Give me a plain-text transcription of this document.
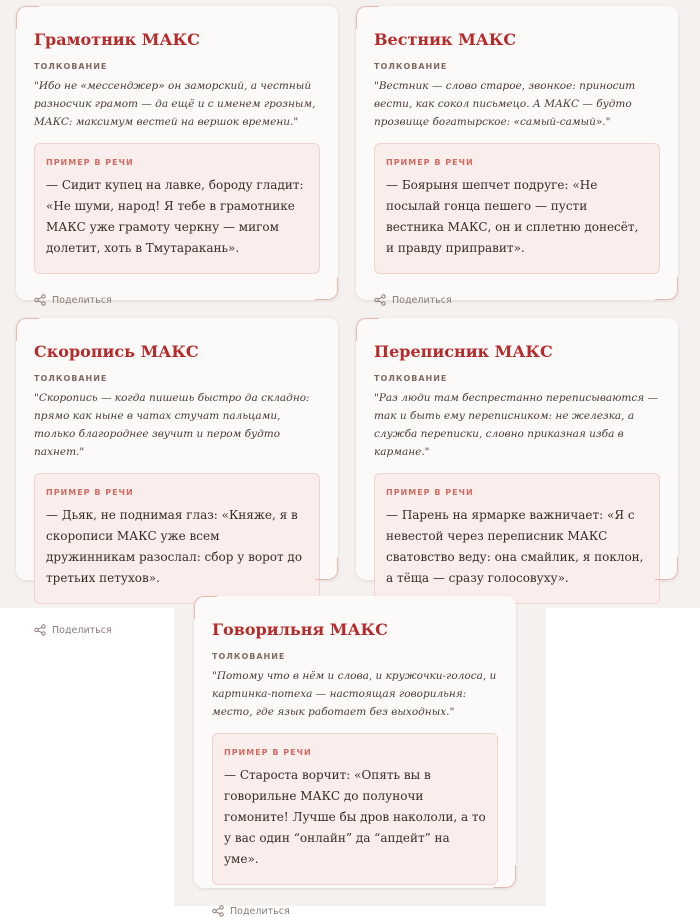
Грамотник МАКС
ТОЛКОВАНИЕ
"Ибо не «мессенджер» он заморский, а честный разносчик грамот — да ещё и с именем грозным, МАКС: максимум вестей на вершок времени."
ПРИМЕР В РЕЧИ
— Сидит купец на лавке, бороду гладит: «Не шуми, народ! Я тебе в грамотнике МАКС уже грамоту черкну — мигом долетит, хоть в Тмутаракань».
Поделиться
Вестник МАКС
ТОЛКОВАНИЕ
"Вестник — слово старое, звонкое: приносит вести, как сокол письмецо. А МАКС — будто прозвище богатырское: «самый-самый»."
ПРИМЕР В РЕЧИ
— Боярыня шепчет подруге: «Не посылай гонца пешего — пусти вестника МАКС, он и сплетню донесёт, и правду приправит».
Поделиться
Скоропись МАКС
ТОЛКОВАНИЕ
"Скоропись — когда пишешь быстро да складно: прямо как ныне в чатах стучат пальцами, только благороднее звучит и пером будто пахнет."
ПРИМЕР В РЕЧИ
— Дьяк, не поднимая глаз: «Княже, я в скорописи МАКС уже всем дружинникам разослал: сбор у ворот до третьих петухов».
Поделиться
Переписник МАКС
ТОЛКОВАНИЕ
"Раз люди там беспрестанно переписываются — так и быть ему переписником: не железка, а служба переписки, словно приказная изба в кармане."
ПРИМЕР В РЕЧИ
— Парень на ярмарке важничает: «Я с невестой через переписник МАКС сватовство веду: она смайлик, я поклон, а тёща — сразу голосовуху».
Говорильня МАКС
ТОЛКОВАНИЕ
"Потому что в нём и слова, и кружочки-голоса, и картинка-потеха — настоящая говорильня: место, где язык работает без выходных."
ПРИМЕР В РЕЧИ
— Староста ворчит: «Опять вы в говорильне МАКС до полуночи гомоните! Лучше бы дров накололи, а то у вас один “онлайн” да “апдейт” на уме».
Поделиться
